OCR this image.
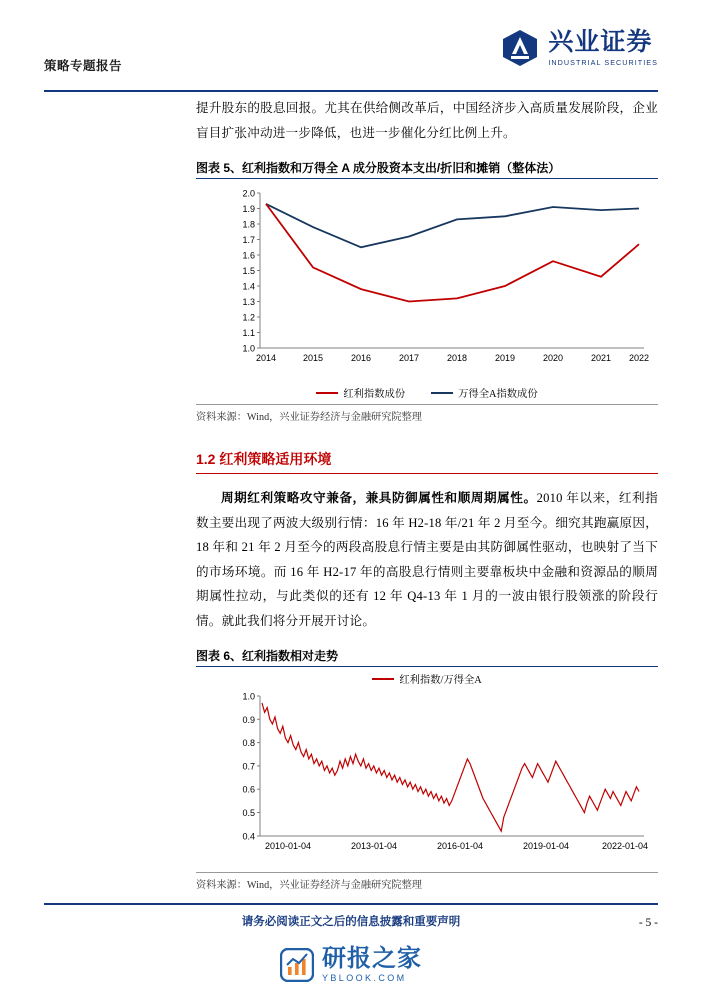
策略专题报告
兴业证券
INDUSTRIAL SECURITIES

提升股东的股息回报。尤其在供给侧改革后，中国经济步入高质量发展阶段，企业盲目扩张冲动进一步降低，也进一步催化分红比例上升。

图表 5、红利指数和万得全 A 成分股资本支出/折旧和摊销（整体法）
2.0
1.9
1.8
1.7
1.6
1.5
1.4
1.3
1.2
1.1
1.0
2014	2015	2016	2017	2018	2019	2020	2021 2022
红利指数成份	万得全A指数成份
资料来源：Wind，兴业证券经济与金融研究院整理
1.2 红利策略适用环境

周期红利策略攻守兼备，兼具防御属性和顺周期属性。2010 年以来，红利指数主要出现了两波大级别行情：16 年 H2-18 年/21 年 2 月至今。细究其跑赢原因，18 年和 21 年 2 月至今的两段高股息行情主要是由其防御属性驱动，也映射了当下的市场环境。而 16 年 H2-17 年的高股息行情则主要靠板块中金融和资源品的顺周期属性拉动，与此类似的还有 12 年 Q4-13 年 1 月的一波由银行股领涨的阶段行情。就此我们将分开展开讨论。

图表 6、红利指数相对走势
红利指数/万得全A
1.0
0.9
0.8
0.7
0.6
0.5
0.4
2010-01-04	2013-01-04	2016-01-04	2019-01-04	2022-01-04
资料来源：Wind，兴业证券经济与金融研究院整理
请务必阅读正文之后的信息披露和重要声明	- 5 -
研报之家
YBLOOK.COM
